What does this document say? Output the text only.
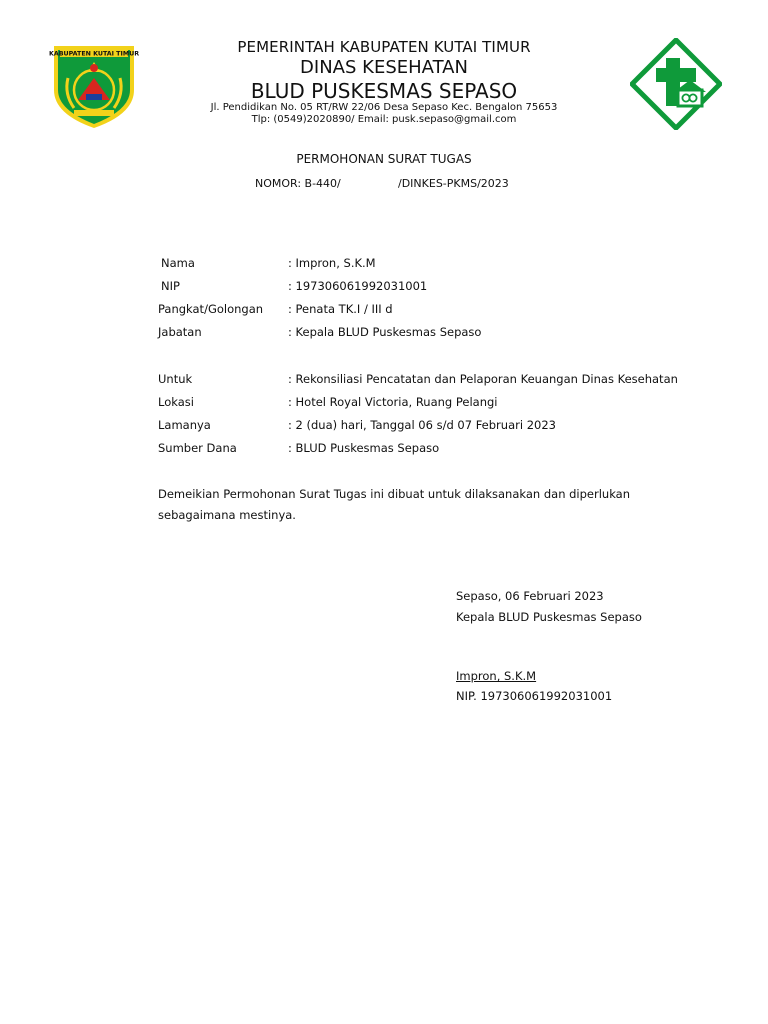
KABUPATEN KUTAI TIMUR	PEMERINTAH KABUPATEN KUTAI TIMUR
DINAS KESEHATAN
BLUD PUSKESMAS SEPASO
Jl. Pendidikan No. 05 RT/RW 22/06 Desa Sepaso Kec. Bengalon 75653
Tlp: (0549)2020890/ Email: pusk.sepaso@gmail.com
PERMOHONAN SURAT TUGAS
NOMOR: B-440/	/DINKES-PKMS/2023
Nama	: Impron, S.K.M
NIP	: 197306061992031001
Pangkat/Golongan : Penata TK.I / III d
Jabatan	: Kepala BLUD Puskesmas Sepaso
Untuk	: Rekonsiliasi Pencatatan dan Pelaporan Keuangan Dinas Kesehatan
Lokasi	: Hotel Royal Victoria, Ruang Pelangi
Lamanya	: 2 (dua) hari, Tanggal 06 s/d 07 Februari 2023
Sumber Dana	: BLUD Puskesmas Sepaso
Demeikian Permohonan Surat Tugas ini dibuat untuk dilaksanakan dan diperlukan
sebagaimana mestinya.
Sepaso, 06 Februari 2023
Kepala BLUD Puskesmas Sepaso
Impron, S.K.M
NIP. 197306061992031001
